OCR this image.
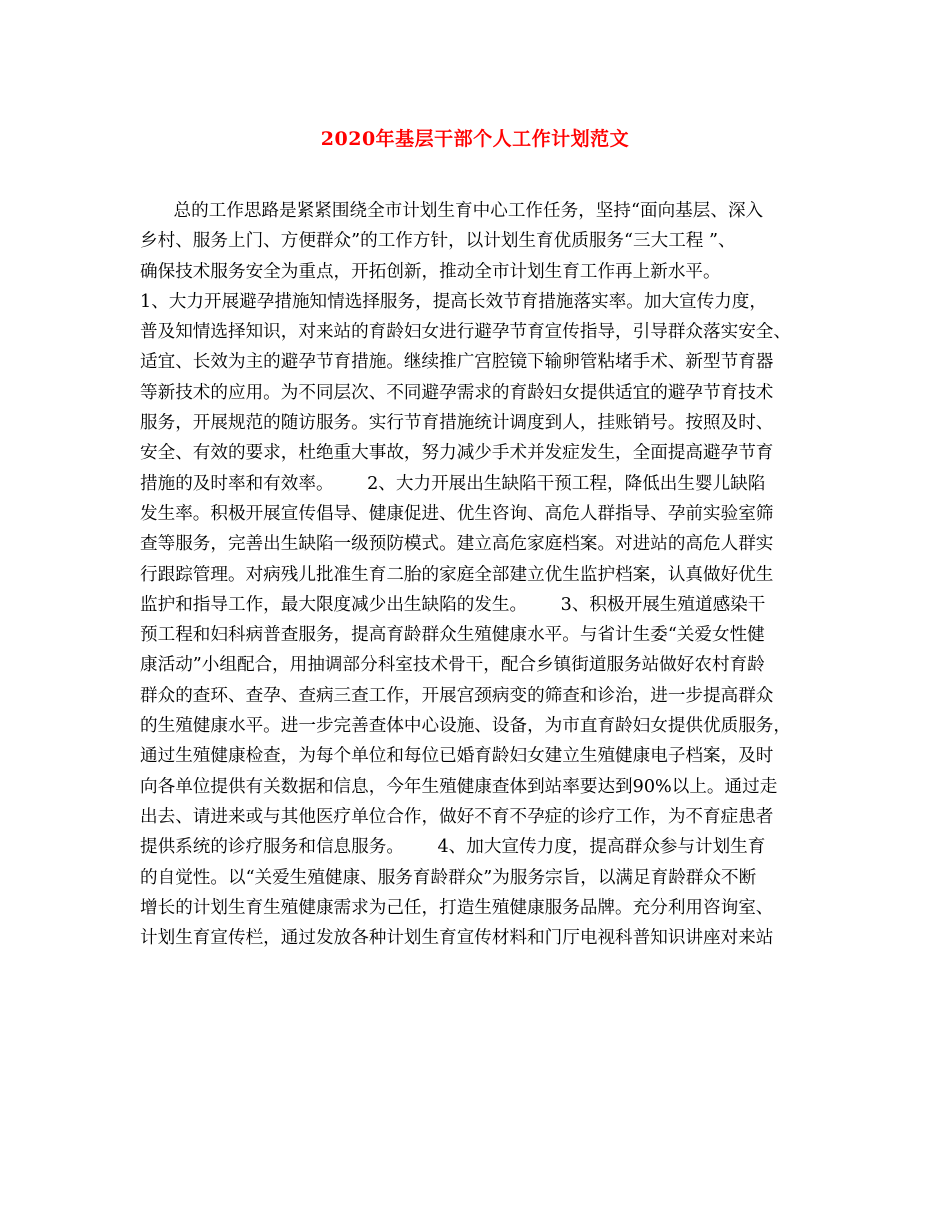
2020年基层干部个人工作计划范文
总的工作思路是紧紧围绕全市计划生育中心工作任务，坚持“面向基层、深入
乡村、服务上门、方便群众”的工作方针，以计划生育优质服务“三大工程 ”、
确保技术服务安全为重点，开拓创新，推动全市计划生育工作再上新水平。
1、大力开展避孕措施知情选择服务，提高长效节育措施落实率。加大宣传力度，
普及知情选择知识，对来站的育龄妇女进行避孕节育宣传指导，引导群众落实安全、
适宜、长效为主的避孕节育措施。继续推广宫腔镜下输卵管粘堵手术、新型节育器
等新技术的应用。为不同层次、不同避孕需求的育龄妇女提供适宜的避孕节育技术
服务，开展规范的随访服务。实行节育措施统计调度到人，挂账销号。按照及时、
安全、有效的要求，杜绝重大事故，努力减少手术并发症发生，全面提高避孕节育
措施的及时率和有效率。      2、大力开展出生缺陷干预工程，降低出生婴儿缺陷
发生率。积极开展宣传倡导、健康促进、优生咨询、高危人群指导、孕前实验室筛
查等服务，完善出生缺陷一级预防模式。建立高危家庭档案。对进站的高危人群实
行跟踪管理。对病残儿批准生育二胎的家庭全部建立优生监护档案，认真做好优生
监护和指导工作，最大限度减少出生缺陷的发生。      3、积极开展生殖道感染干
预工程和妇科病普查服务，提高育龄群众生殖健康水平。与省计生委“关爱女性健
康活动”小组配合，用抽调部分科室技术骨干，配合乡镇街道服务站做好农村育龄
群众的查环、查孕、查病三查工作，开展宫颈病变的筛查和诊治，进一步提高群众
的生殖健康水平。进一步完善查体中心设施、设备，为市直育龄妇女提供优质服务，
通过生殖健康检查，为每个单位和每位已婚育龄妇女建立生殖健康电子档案，及时
向各单位提供有关数据和信息，今年生殖健康查体到站率要达到90%以上。通过走
出去、请进来或与其他医疗单位合作，做好不育不孕症的诊疗工作，为不育症患者
提供系统的诊疗服务和信息服务。      4、加大宣传力度，提高群众参与计划生育
的自觉性。以“关爱生殖健康、服务育龄群众”为服务宗旨，以满足育龄群众不断
增长的计划生育生殖健康需求为己任，打造生殖健康服务品牌。充分利用咨询室、
计划生育宣传栏，通过发放各种计划生育宣传材料和门厅电视科普知识讲座对来站
